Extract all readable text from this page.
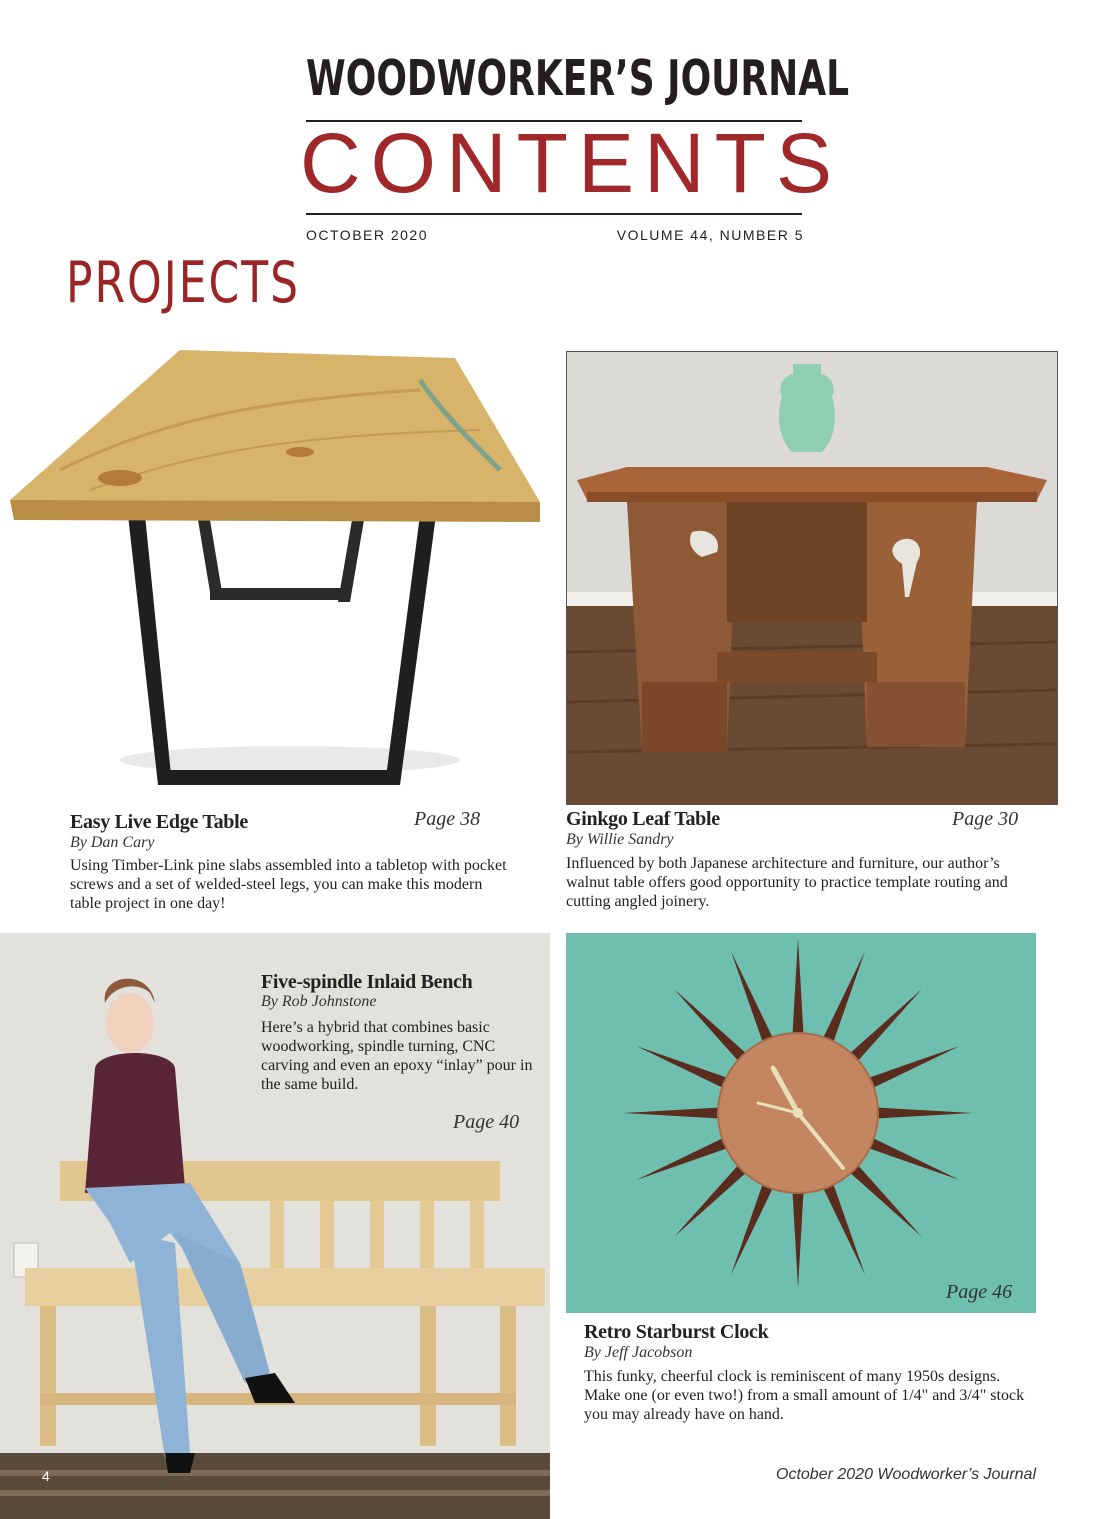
WOODWORKER’S JOURNAL
CONTENTS
OCTOBER 2020	VOLUME 44, NUMBER 5
PROJECTS
Easy Live Edge Table	Page 38
By Dan Cary
Using Timber-Link pine slabs assembled into a tabletop with pocket screws and a set of welded-steel legs, you can make this modern table project in one day!
Ginkgo Leaf Table	Page 30
By Willie Sandry
Influenced by both Japanese architecture and furniture, our author’s walnut table offers good opportunity to practice template routing and cutting angled joinery.
Five-spindle Inlaid Bench
By Rob Johnstone
Here’s a hybrid that combines basic woodworking, spindle turning, CNC carving and even an epoxy “inlay” pour in the same build.
Page 40
Page 46
Retro Starburst Clock
By Jeff Jacobson
This funky, cheerful clock is reminiscent of many 1950s designs. Make one (or even two!) from a small amount of 1/4" and 3/4" stock you may already have on hand.
4	October 2020 Woodworker’s Journal
